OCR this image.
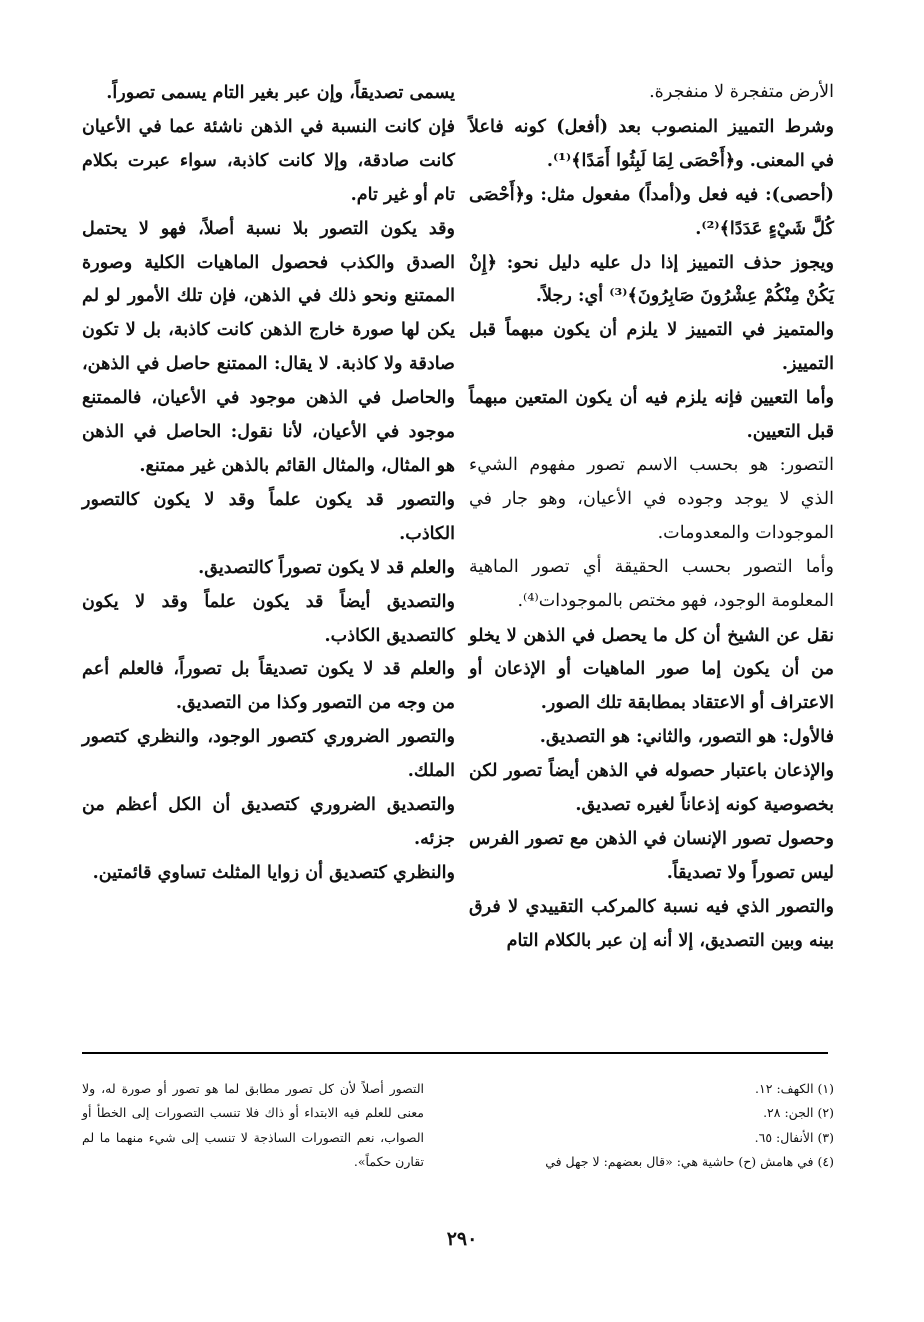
الأرض متفجرة لا منفجرة.

وشرط التمييز المنصوب بعد (أفعل) كونه فاعلاً في المعنى. و﴿أَحْصَى لِمَا لَبِثُوا أَمَدًا﴾⁽¹⁾.

(أحصى): فيه فعل و(أمداً) مفعول مثل: و﴿أَحْصَى كُلَّ شَيْءٍ عَدَدًا﴾⁽²⁾.

ويجوز حذف التمييز إذا دل عليه دليل نحو: ﴿إِنْ يَكُنْ مِنْكُمْ عِشْرُونَ صَابِرُونَ﴾⁽³⁾ أي: رجلاً.

والمتميز في التمييز لا يلزم أن يكون مبهماً قبل التمييز.

وأما التعيين فإنه يلزم فيه أن يكون المتعين مبهماً قبل التعيين.

التصور: هو بحسب الاسم تصور مفهوم الشيء الذي لا يوجد وجوده في الأعيان، وهو جار في الموجودات والمعدومات.

وأما التصور بحسب الحقيقة أي تصور الماهية المعلومة الوجود، فهو مختص بالموجودات⁽⁴⁾.

نقل عن الشيخ أن كل ما يحصل في الذهن لا يخلو من أن يكون إما صور الماهيات أو الإذعان أو الاعتراف أو الاعتقاد بمطابقة تلك الصور.

فالأول: هو التصور، والثاني: هو التصديق.

والإذعان باعتبار حصوله في الذهن أيضاً تصور لكن بخصوصية كونه إذعاناً لغيره تصديق.

وحصول تصور الإنسان في الذهن مع تصور الفرس ليس تصوراً ولا تصديقاً.

والتصور الذي فيه نسبة كالمركب التقييدي لا فرق بينه وبين التصديق، إلا أنه إن عبر بالكلام التام

يسمى تصديقاً، وإن عبر بغير التام يسمى تصوراً.

فإن كانت النسبة في الذهن ناشئة عما في الأعيان كانت صادقة، وإلا كانت كاذبة، سواء عبرت بكلام تام أو غير تام.

وقد يكون التصور بلا نسبة أصلاً، فهو لا يحتمل الصدق والكذب فحصول الماهيات الكلية وصورة الممتنع ونحو ذلك في الذهن، فإن تلك الأمور لو لم يكن لها صورة خارج الذهن كانت كاذبة، بل لا تكون صادقة ولا كاذبة. لا يقال: الممتنع حاصل في الذهن، والحاصل في الذهن موجود في الأعيان، فالممتنع موجود في الأعيان، لأنا نقول: الحاصل في الذهن هو المثال، والمثال القائم بالذهن غير ممتنع.

والتصور قد يكون علماً وقد لا يكون كالتصور الكاذب.

والعلم قد لا يكون تصوراً كالتصديق.

والتصديق أيضاً قد يكون علماً وقد لا يكون كالتصديق الكاذب.

والعلم قد لا يكون تصديقاً بل تصوراً، فالعلم أعم من وجه من التصور وكذا من التصديق.

والتصور الضروري كتصور الوجود، والنظري كتصور الملك.

والتصديق الضروري كتصديق أن الكل أعظم من جزئه.

والنظري كتصديق أن زوايا المثلث تساوي قائمتين.

(١) الكهف: ١٢.

(٢) الجن: ٢٨.

(٣) الأنفال: ٦٥.

(٤) في هامش (ح) حاشية هي: «قال بعضهم: لا جهل في

التصور أصلاً لأن كل تصور مطابق لما هو تصور أو صورة له، ولا معنى للعلم فيه الابتداء أو ذاك فلا تنسب التصورات إلى الخطأ أو الصواب، نعم التصورات الساذجة لا تنسب إلى شيء منهما ما لم تقارن حكماً».

٢٩٠
